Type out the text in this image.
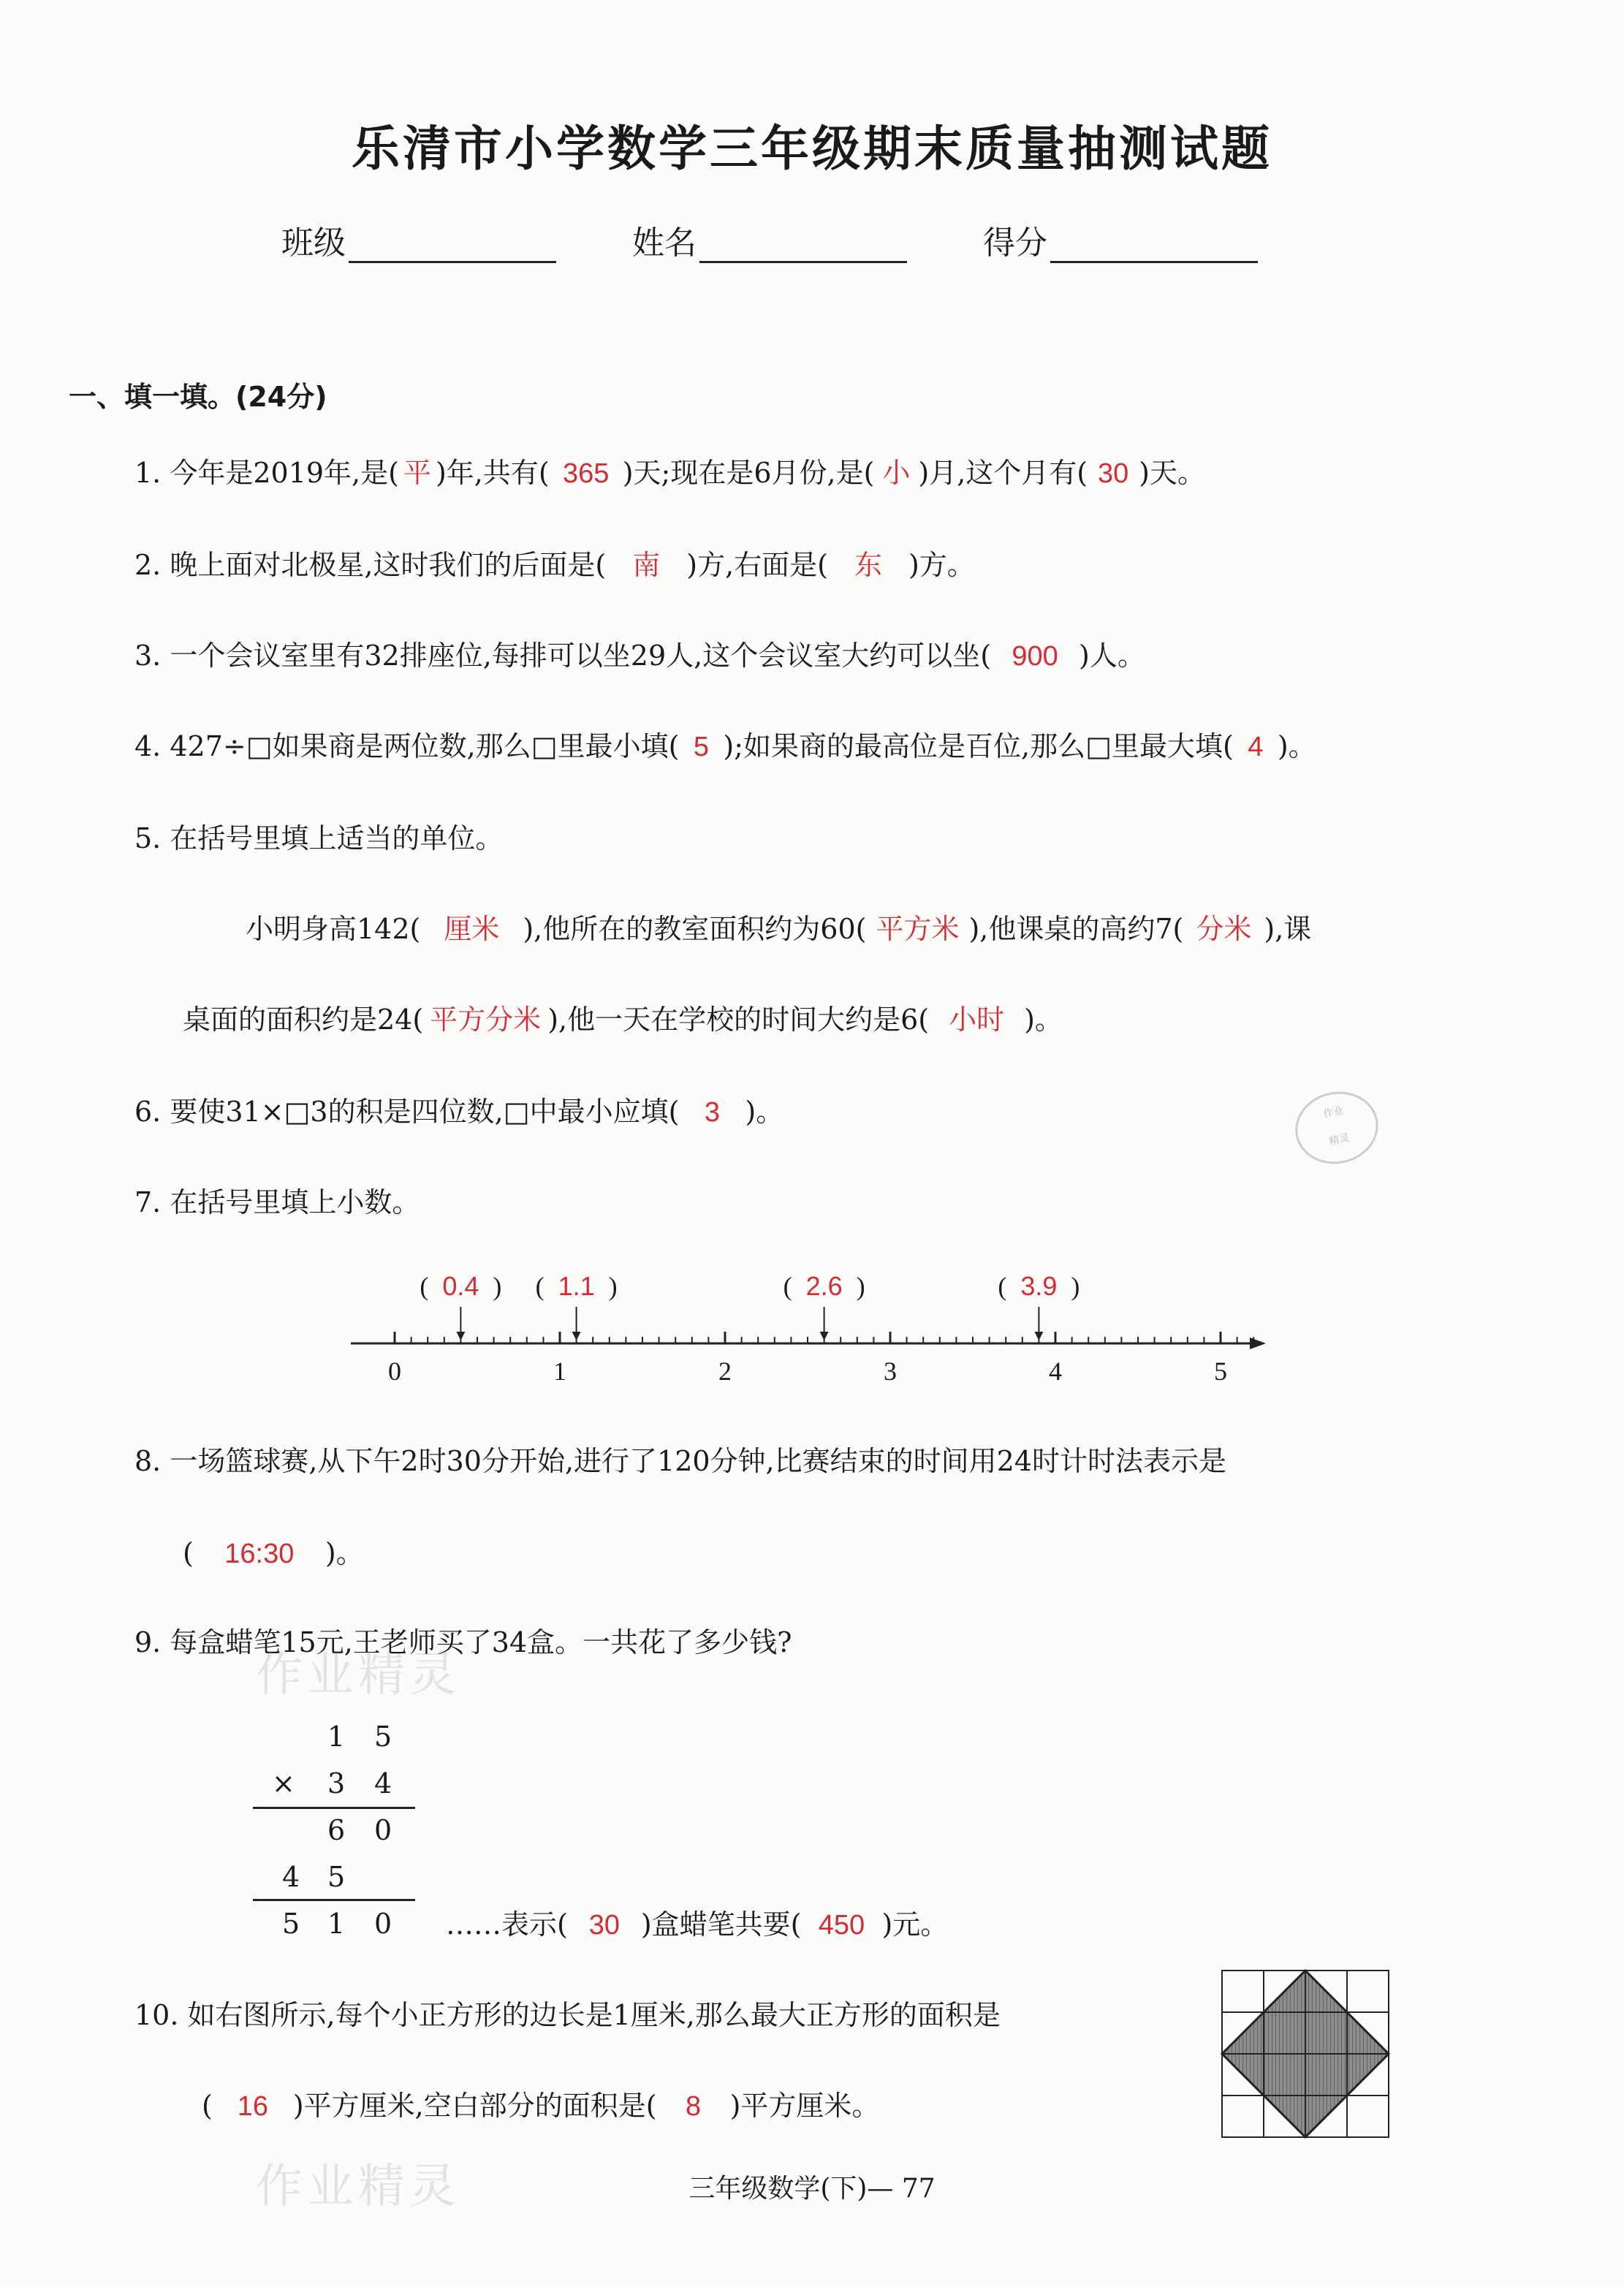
乐清市小学数学三年级期末质量抽测试题
班级	姓名	得分
一、填一填。(24分)
1. 今年是2019年,是( 平 )年,共有( 365 )天;现在是6月份,是( 小 )月,这个月有( 30 )天。
2. 晚上面对北极星,这时我们的后面是( 南 )方,右面是( 东 )方。
3. 一个会议室里有32排座位,每排可以坐29人,这个会议室大约可以坐( 900 )人。
4. 427÷□如果商是两位数,那么□里最小填( 5 );如果商的最高位是百位,那么□里最大填( 4 )。
5. 在括号里填上适当的单位。
小明身高142( 厘米 ),他所在的教室面积约为60( 平方米 ),他课桌的高约7( 分米 ),课
桌面的面积约是24( 平方分米 ),他一天在学校的时间大约是6( 小时 )。
6. 要使31×□3的积是四位数,□中最小应填( 3 )。	作业
精灵
7. 在括号里填上小数。
0	1	2	3	4	5
( 0.4 ) ( 1.1 )	( 2.6 )	( 3.9 )
8. 一场篮球赛,从下午2时30分开始,进行了120分钟,比赛结束的时间用24时计时法表示是
( 16:30 )。
9. 每盒蜡笔15元,王老师买了34盒。一共花了多少钱?
作业精灵
1 5
× 3 4
6 0
4 5
5 1 0 ……表示( 30 )盒蜡笔共要( 450 )元。
10. 如右图所示,每个小正方形的边长是1厘米,那么最大正方形的面积是
( 16 )平方厘米,空白部分的面积是( 8 )平方厘米。
作业精灵	三年级数学(下)— 77
